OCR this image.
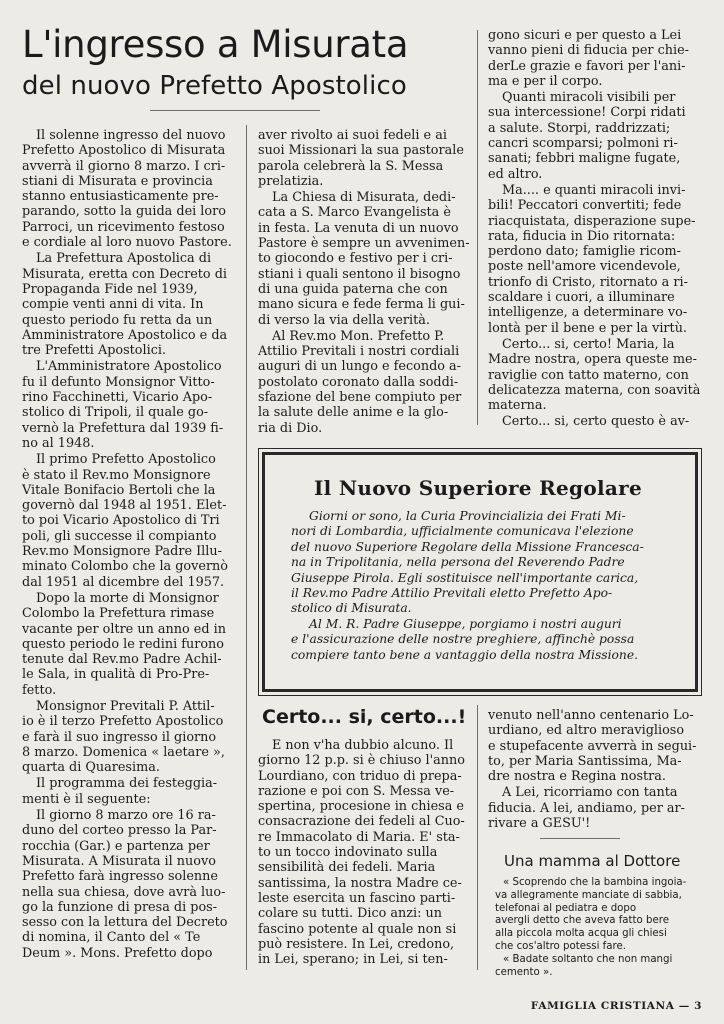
L'ingresso a Misurata
del nuovo Prefetto Apostolico

Il solenne ingresso del nuovo
Prefetto Apostolico di Misurata
avverrà il giorno 8 marzo. I cri-
stiani di Misurata e provincia
stanno entusiasticamente pre-
parando, sotto la guida dei loro
Parroci, un ricevimento festoso
e cordiale al loro nuovo Pastore.

La Prefettura Apostolica di
Misurata, eretta con Decreto di
Propaganda Fide nel 1939,
compie venti anni di vita. In
questo periodo fu retta da un
Amministratore Apostolico e da
tre Prefetti Apostolici.

L'Amministratore Apostolico
fu il defunto Monsignor Vitto-
rino Facchinetti, Vicario Apo-
stolico di Tripoli, il quale go-
vernò la Prefettura dal 1939 fi-
no al 1948.

Il primo Prefetto Apostolico
è stato il Rev.mo Monsignore
Vitale Bonifacio Bertoli che la
governò dal 1948 al 1951. Elet-
to poi Vicario Apostolico di Tri
poli, gli successe il compianto
Rev.mo Monsignore Padre Illu-
minato Colombo che la governò
dal 1951 al dicembre del 1957.

Dopo la morte di Monsignor
Colombo la Prefettura rimase
vacante per oltre un anno ed in
questo periodo le redini furono
tenute dal Rev.mo Padre Achil-
le Sala, in qualità di Pro-Pre-
fetto.

Monsignor Previtali P. Attil-
io è il terzo Prefetto Apostolico
e farà il suo ingresso il giorno
8 marzo. Domenica « laetare »,
quarta di Quaresima.

Il programma dei festeggia-
menti è il seguente:

Il giorno 8 marzo ore 16 ra-
duno del corteo presso la Par-
rocchia (Gar.) e partenza per
Misurata. A Misurata il nuovo
Prefetto farà ingresso solenne
nella sua chiesa, dove avrà luo-
go la funzione di presa di pos-
sesso con la lettura del Decreto
di nomina, il Canto del « Te
Deum ». Mons. Prefetto dopo

aver rivolto ai suoi fedeli e ai
suoi Missionari la sua pastorale
parola celebrerà la S. Messa
prelatizia.

La Chiesa di Misurata, dedi-
cata a S. Marco Evangelista è
in festa. La venuta di un nuovo
Pastore è sempre un avvenimen-
to giocondo e festivo per i cri-
stiani i quali sentono il bisogno
di una guida paterna che con
mano sicura e fede ferma li gui-
di verso la via della verità.

Al Rev.mo Mon. Prefetto P.
Attilio Previtali i nostri cordiali
auguri di un lungo e fecondo a-
postolato coronato dalla soddi-
sfazione del bene compiuto per
la salute delle anime e la glo-
ria di Dio.

gono sicuri e per questo a Lei
vanno pieni di fiducia per chie-
derLe grazie e favori per l'ani-
ma e per il corpo.

Quanti miracoli visibili per
sua intercessione! Corpi ridati
a salute. Storpi, raddrizzati;
cancri scomparsi; polmoni ri-
sanati; febbri maligne fugate,
ed altro.

Ma.... e quanti miracoli invi-
bili! Peccatori convertiti; fede
riacquistata, disperazione supe-
rata, fiducia in Dio ritornata:
perdono dato; famiglie ricom-
poste nell'amore vicendevole,
trionfo di Cristo, ritornato a ri-
scaldare i cuori, a illuminare
intelligenze, a determinare vo-
lontà per il bene e per la virtù.

Certo... si, certo! Maria, la
Madre nostra, opera queste me-
raviglie con tatto materno, con
delicatezza materna, con soavità
materna.

Certo... si, certo questo è av-

Il Nuovo Superiore Regolare

Giorni or sono, la Curia Provincializia dei Frati Mi-
nori di Lombardia, ufficialmente comunicava l'elezione
del nuovo Superiore Regolare della Missione Francesca-
na in Tripolitania, nella persona del Reverendo Padre
Giuseppe Pirola. Egli sostituisce nell'importante carica,
il Rev.mo Padre Attilio Previtali eletto Prefetto Apo-
stolico di Misurata.

Al M. R. Padre Giuseppe, porgiamo i nostri auguri
e l'assicurazione delle nostre preghiere, affinchè possa
compiere tanto bene a vantaggio della nostra Missione.

Certo... si, certo...!

E non v'ha dubbio alcuno. Il
giorno 12 p.p. si è chiuso l'anno
Lourdiano, con triduo di prepa-
razione e poi con S. Messa ve-
spertina, procesione in chiesa e
consacrazione dei fedeli al Cuo-
re Immacolato di Maria. E' sta-
to un tocco indovinato sulla
sensibilità dei fedeli. Maria
santissima, la nostra Madre ce-
leste esercita un fascino parti-
colare su tutti. Dico anzi: un
fascino potente al quale non si
può resistere. In Lei, credono,
in Lei, sperano; in Lei, si ten-

venuto nell'anno centenario Lo-
urdiano, ed altro meraviglioso
e stupefacente avverrà in segui-
to, per Maria Santissima, Ma-
dre nostra e Regina nostra.

A Lei, ricorriamo con tanta
fiducia. A lei, andiamo, per ar-
rivare a GESU'!

Una mamma al Dottore

« Scoprendo che la bambina ingoia-
va allegramente manciate di sabbia,
telefonai al pediatra e dopo
avergli detto che aveva fatto bere
alla piccola molta acqua gli chiesi
che cos'altro potessi fare.

« Badate soltanto che non mangi
cemento ».

FAMIGLIA CRISTIANA — 3
